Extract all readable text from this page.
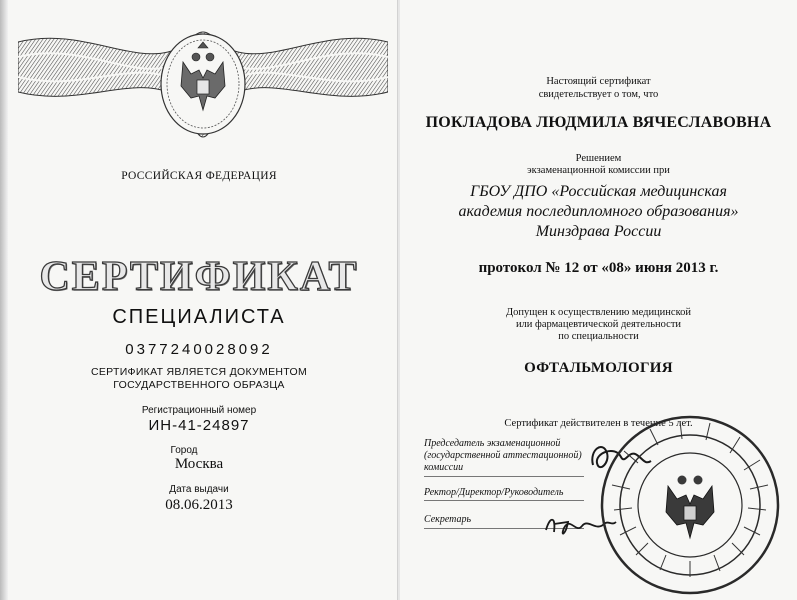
РОССИЙСКАЯ ФЕДЕРАЦИЯ
СЕРТИФИКАТ
СПЕЦИАЛИСТА
0377240028092
СЕРТИФИКАТ ЯВЛЯЕТСЯ ДОКУМЕНТОМ
ГОСУДАРСТВЕННОГО ОБРАЗЦА
Регистрационный номер
ИН-41-24897
Город
Москва
Дата выдачи
08.06.2013
Настоящий сертификат
свидетельствует о том, что
ПОКЛАДОВА ЛЮДМИЛА ВЯЧЕСЛАВОВНА
Решением
экзаменационной комиссии при
ГБОУ ДПО «Российская медицинская
академия последипломного образования»
Минздрава России
протокол № 12 от «08» июня 2013 г.
Допущен к осуществлению медицинской
или фармацевтической деятельности
по специальности
ОФТАЛЬМОЛОГИЯ
Сертификат действителен в течение 5 лет.
Председатель экзаменационной
(государственной аттестационной)
комиссии
Ректор/Директор/Руководитель
Секретарь
